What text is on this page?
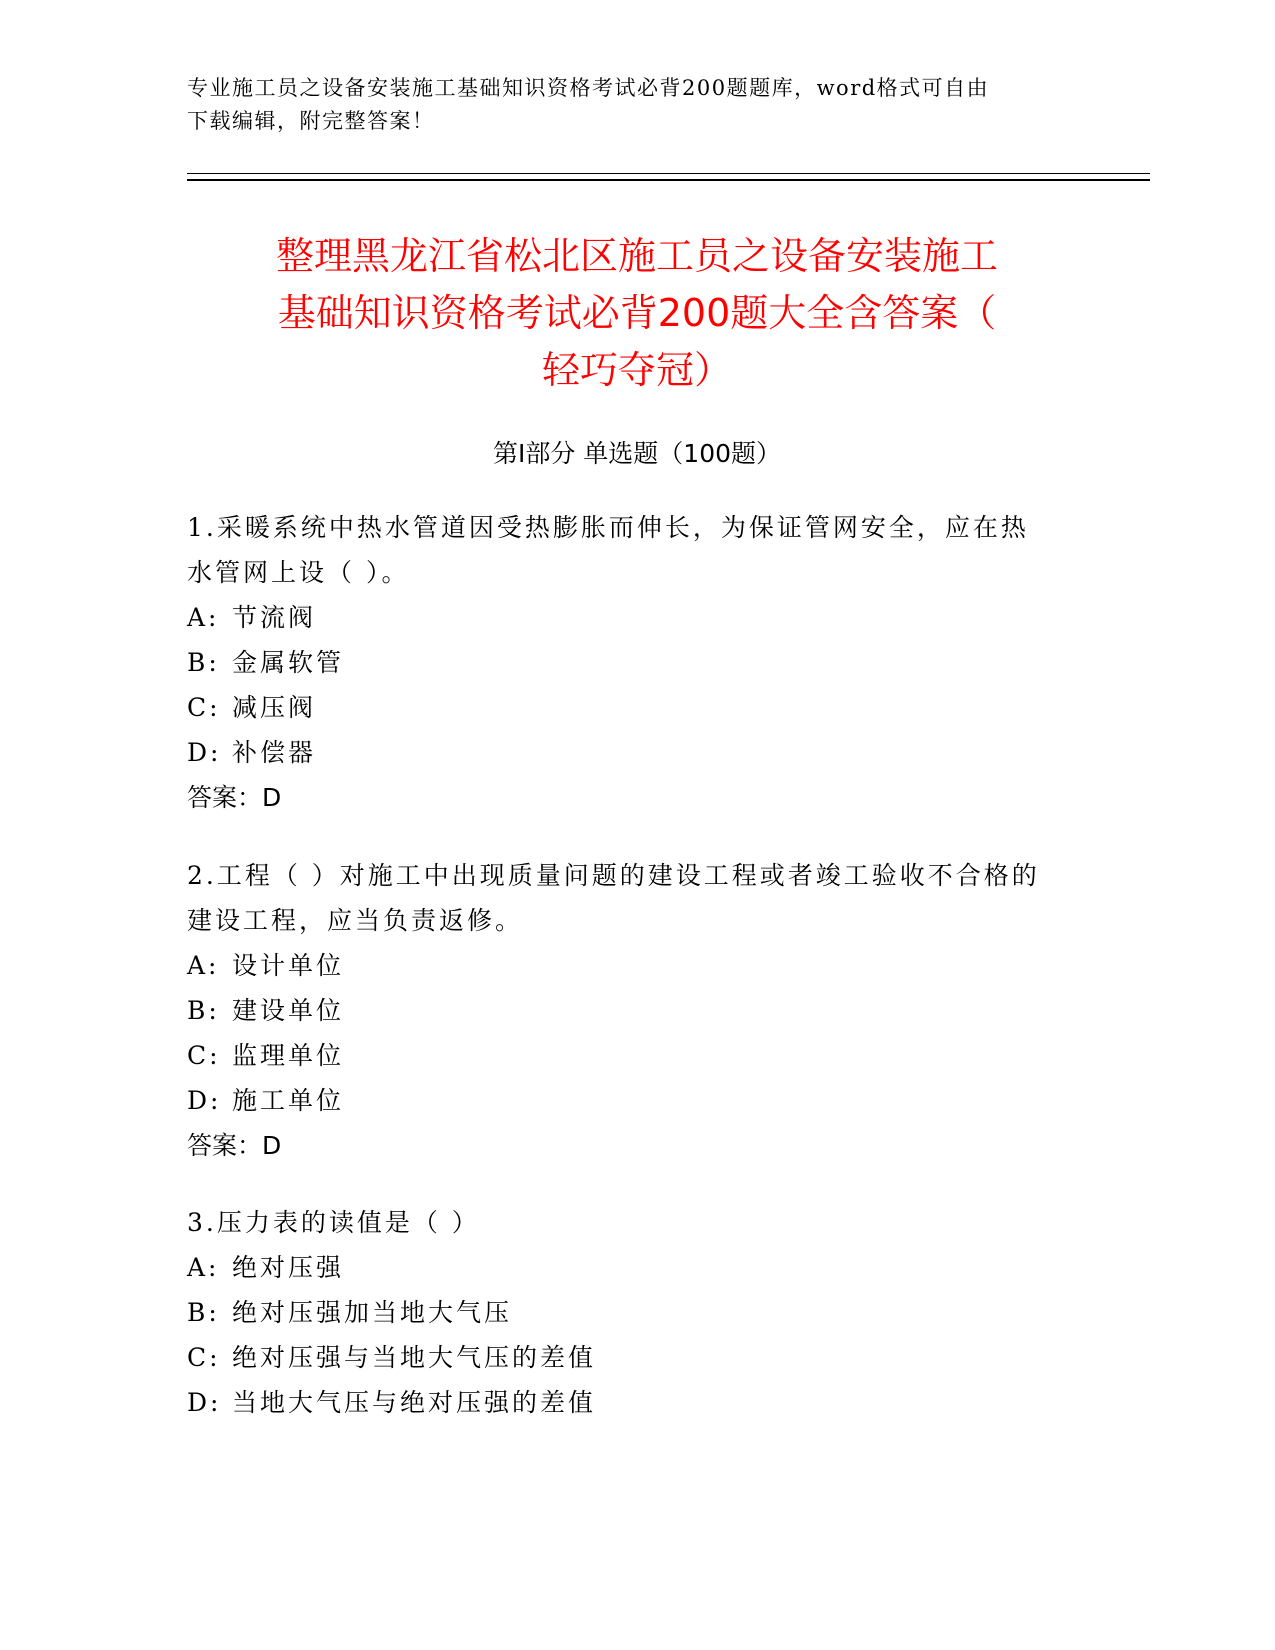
专业施工员之设备安装施工基础知识资格考试必背200题题库，word格式可自由

下载编辑，附完整答案！

整理黑龙江省松北区施工员之设备安装施工
基础知识资格考试必背200题大全含答案（
轻巧夺冠）
第Ⅰ部分 单选题（100题）

1.采暖系统中热水管道因受热膨胀而伸长，为保证管网安全，应在热
水管网上设（ ）。

A: 节流阀
B: 金属软管
C: 减压阀
D: 补偿器
答案：D

2.工程（ ）对施工中出现质量问题的建设工程或者竣工验收不合格的
建设工程，应当负责返修。

A: 设计单位
B: 建设单位
C: 监理单位
D: 施工单位
答案：D

3.压力表的读值是（ ）

A: 绝对压强
B: 绝对压强加当地大气压
C: 绝对压强与当地大气压的差值
D: 当地大气压与绝对压强的差值
